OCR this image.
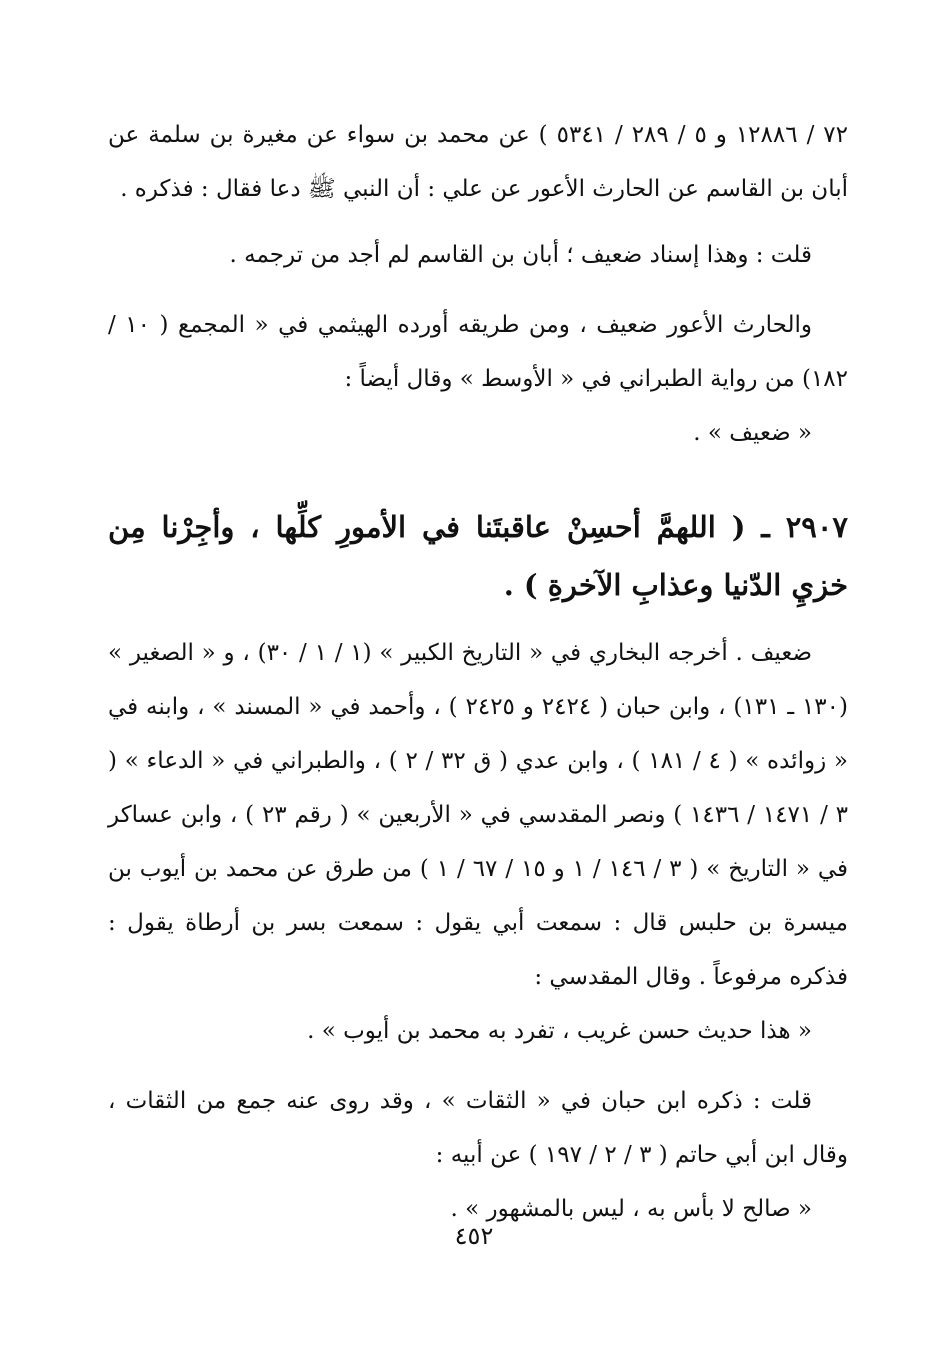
٧٢ / ١٢٨٨٦ و ٥ / ٢٨٩ / ٥٣٤١ ) عن محمد بن سواء عن مغيرة بن سلمة عن أبان بن القاسم عن الحارث الأعور عن علي : أن النبي ﷺ دعا فقال : فذكره .

قلت : وهذا إسناد ضعيف ؛ أبان بن القاسم لم أجد من ترجمه .

والحارث الأعور ضعيف ، ومن طريقه أورده الهيثمي في « المجمع ( ١٠ / ١٨٢) من رواية الطبراني في « الأوسط » وقال أيضاً :

« ضعيف » .

٢٩٠٧ ـ ( اللهمَّ أحسِنْ عاقبتَنا في الأمورِ كلِّها ، وأجِرْنا مِن خزيِ الدّنيا وعذابِ الآخرةِ ) .

ضعيف . أخرجه البخاري في « التاريخ الكبير » (١ / ١ / ٣٠) ، و « الصغير » (١٣٠ ـ ١٣١) ، وابن حبان ( ٢٤٢٤ و ٢٤٢٥ ) ، وأحمد في « المسند » ، وابنه في « زوائده » ( ٤ / ١٨١ ) ، وابن عدي ( ق ٣٢ / ٢ ) ، والطبراني في « الدعاء » ( ٣ / ١٤٧١ / ١٤٣٦ ) ونصر المقدسي في « الأربعين » ( رقم ٢٣ ) ، وابن عساكر في « التاريخ » ( ٣ / ١٤٦ / ١ و ١٥ / ٦٧ / ١ ) من طرق عن محمد بن أيوب بن ميسرة بن حلبس قال : سمعت أبي يقول : سمعت بسر بن أرطاة يقول : فذكره مرفوعاً . وقال المقدسي :

« هذا حديث حسن غريب ، تفرد به محمد بن أيوب » .

قلت : ذكره ابن حبان في « الثقات » ، وقد روى عنه جمع من الثقات ، وقال ابن أبي حاتم ( ٣ / ٢ / ١٩٧ ) عن أبيه :

« صالح لا بأس به ، ليس بالمشهور » .

٤٥٢
